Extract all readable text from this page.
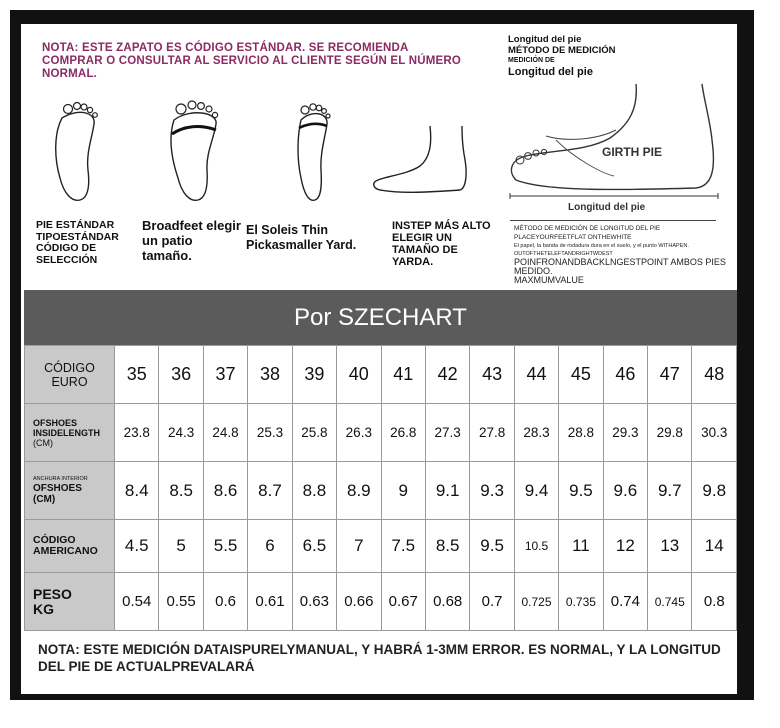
NOTA: ESTE ZAPATO ES CÓDIGO ESTÁNDAR. SE RECOMIENDA COMPRAR O CONSULTAR AL SERVICIO AL CLIENTE SEGÚN EL NÚMERO NORMAL.
PIE ESTÁNDAR TIPOESTÁNDAR CÓDIGO DE SELECCIÓN
Broadfeet elegir un patio tamaño.
El Soleis Thin Pickasmaller Yard.
INSTEP MÁS ALTO ELEGIR UN TAMAÑO DE YARDA.
Longitud del pie
MÉTODO DE MEDICIÓN
MEDICIÓN DE
Longitud del pie
GIRTH PIE
Longitud del pie
MÉTODO DE MEDICIÓN DE LONGITUD DEL PIE
PLACEYOURFEETFLAT ONTHEWHITE
El papel, la banda de rodadura dura en el suelo, y el punto WITHAPEN.
OUTOFTHETELEFTANDRIGHTWDEST
POINFRONANDBACKLNGESTPOINT AMBOS PIES
MEDIDO.
MAXMUMVALUE
Por SZECHART
CÓDIGO EURO	35	36	37	38	39	40	41	42	43	44	45	46	47	48

OFSHOES
INSIDELENGTH
(CM)	23.8	24.3	24.8	25.3	25.8	26.3	26.8	27.3	27.8	28.3	28.8	29.3	29.8	30.3

ANCHURA INTERIOR
OFSHOES
(CM)	8.4	8.5	8.6	8.7	8.8	8.9	9	9.1	9.3	9.4	9.5	9.6	9.7	9.8

CÓDIGO
AMERICANO	4.5	5	5.5	6	6.5	7	7.5	8.5	9.5	10.5	11	12	13	14

PESO
KG	0.54	0.55	0.6	0.61	0.63	0.66	0.67	0.68	0.7	0.725	0.735	0.74	0.745	0.8
NOTA: ESTE MEDICIÓN DATAISPURELYMANUAL, Y HABRÁ 1-3MM ERROR. ES NORMAL, Y LA LONGITUD DEL PIE DE ACTUALPREVALARÁ
